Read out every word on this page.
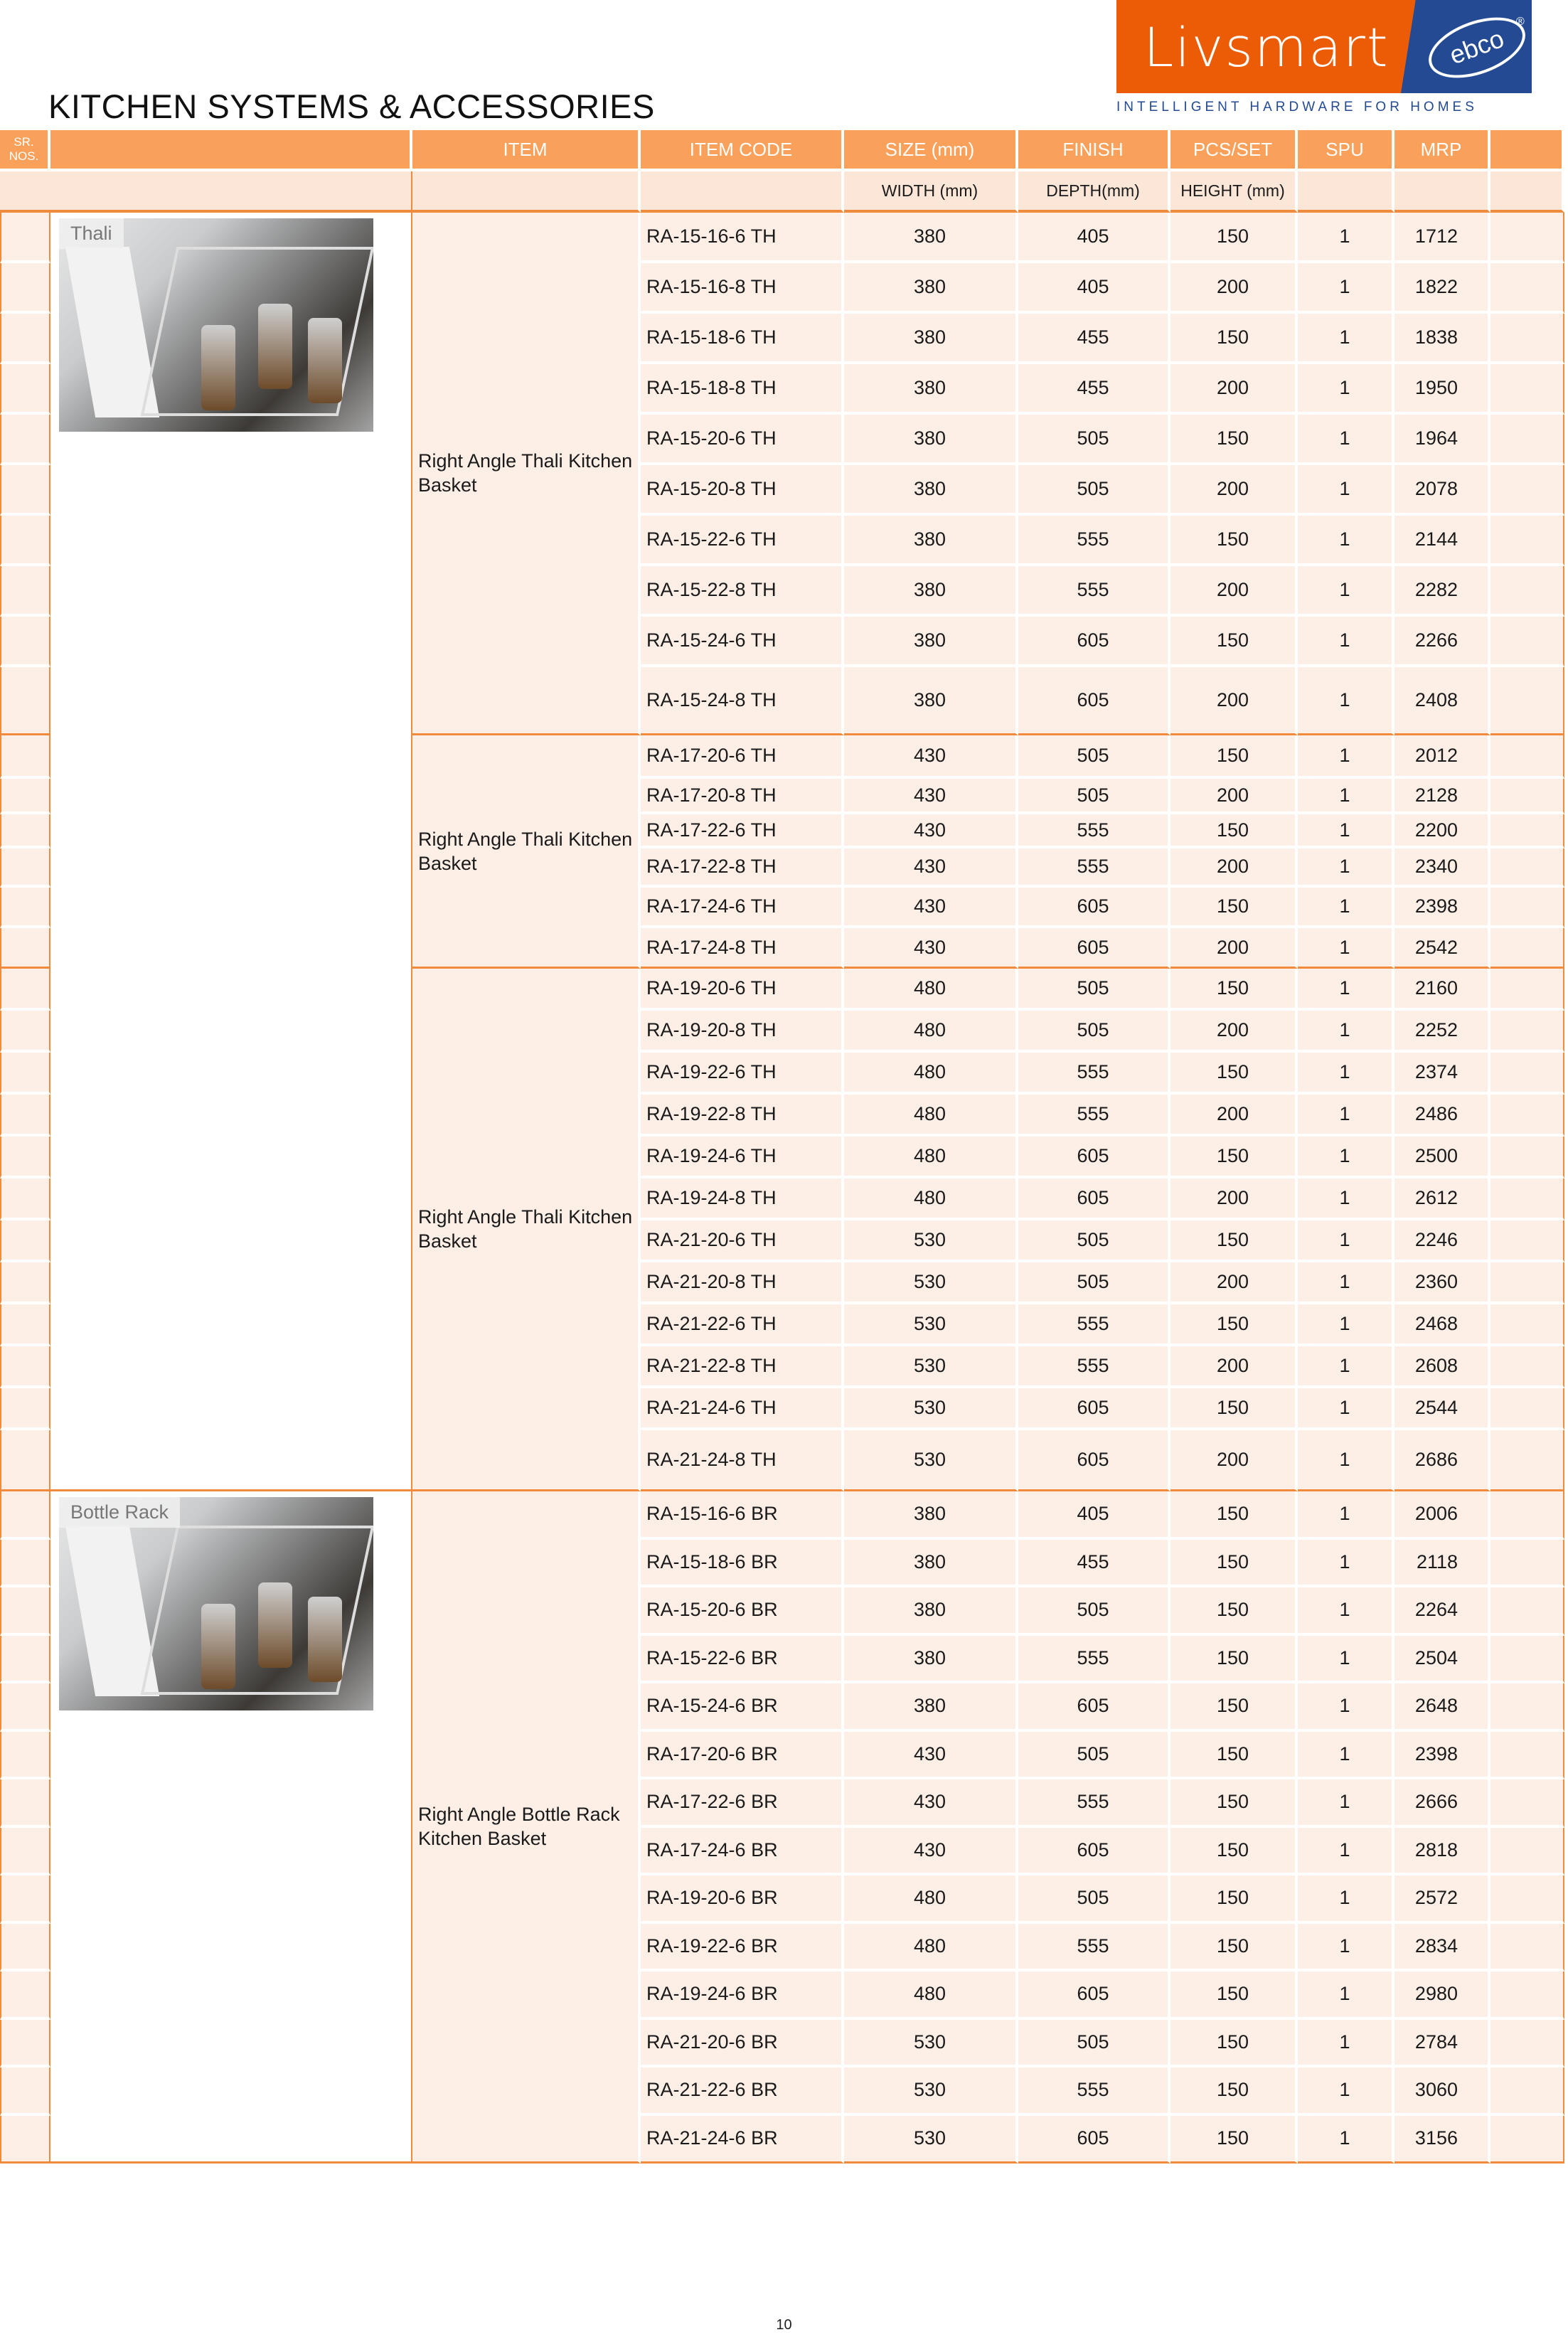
KITCHEN SYSTEMS & ACCESSORIES
Livsmart	ebco
®
INTELLIGENT HARDWARE FOR HOMES
SR. NOS.		ITEM	ITEM CODE	SIZE (mm)	FINISH	PCS/SET	SPU	MRP	
				WIDTH (mm)	DEPTH(mm)	HEIGHT (mm)			

	Thali	Right Angle Thali Kitchen Basket	RA-15-16-6 TH	380	405	150	1	1712	
			RA-15-16-8 TH	380	405	200	1	1822	
			RA-15-18-6 TH	380	455	150	1	1838	
			RA-15-18-8 TH	380	455	200	1	1950	
			RA-15-20-6 TH	380	505	150	1	1964	
			RA-15-20-8 TH	380	505	200	1	2078	
			RA-15-22-6 TH	380	555	150	1	2144	
			RA-15-22-8 TH	380	555	200	1	2282	
			RA-15-24-6 TH	380	605	150	1	2266	
			RA-15-24-8 TH	380	605	200	1	2408	
		Right Angle Thali Kitchen Basket	RA-17-20-6 TH	430	505	150	1	2012	
			RA-17-20-8 TH	430	505	200	1	2128	
			RA-17-22-6 TH	430	555	150	1	2200	
			RA-17-22-8 TH	430	555	200	1	2340	
			RA-17-24-6 TH	430	605	150	1	2398	
			RA-17-24-8 TH	430	605	200	1	2542	
		Right Angle Thali Kitchen Basket	RA-19-20-6 TH	480	505	150	1	2160	
			RA-19-20-8 TH	480	505	200	1	2252	
			RA-19-22-6 TH	480	555	150	1	2374	
			RA-19-22-8 TH	480	555	200	1	2486	
			RA-19-24-6 TH	480	605	150	1	2500	
			RA-19-24-8 TH	480	605	200	1	2612	
			RA-21-20-6 TH	530	505	150	1	2246	
			RA-21-20-8 TH	530	505	200	1	2360	
			RA-21-22-6 TH	530	555	150	1	2468	
			RA-21-22-8 TH	530	555	200	1	2608	
			RA-21-24-6 TH	530	605	150	1	2544	
			RA-21-24-8 TH	530	605	200	1	2686	

	Bottle Rack	Right Angle Bottle Rack Kitchen Basket	RA-15-16-6 BR	380	405	150	1	2006	
			RA-15-18-6 BR	380	455	150	1	2118	
			RA-15-20-6 BR	380	505	150	1	2264	
			RA-15-22-6 BR	380	555	150	1	2504	
			RA-15-24-6 BR	380	605	150	1	2648	
			RA-17-20-6 BR	430	505	150	1	2398	
			RA-17-22-6 BR	430	555	150	1	2666	
			RA-17-24-6 BR	430	605	150	1	2818	
			RA-19-20-6 BR	480	505	150	1	2572	
			RA-19-22-6 BR	480	555	150	1	2834	
			RA-19-24-6 BR	480	605	150	1	2980	
			RA-21-20-6 BR	530	505	150	1	2784	
			RA-21-22-6 BR	530	555	150	1	3060	
			RA-21-24-6 BR	530	605	150	1	3156	
10
